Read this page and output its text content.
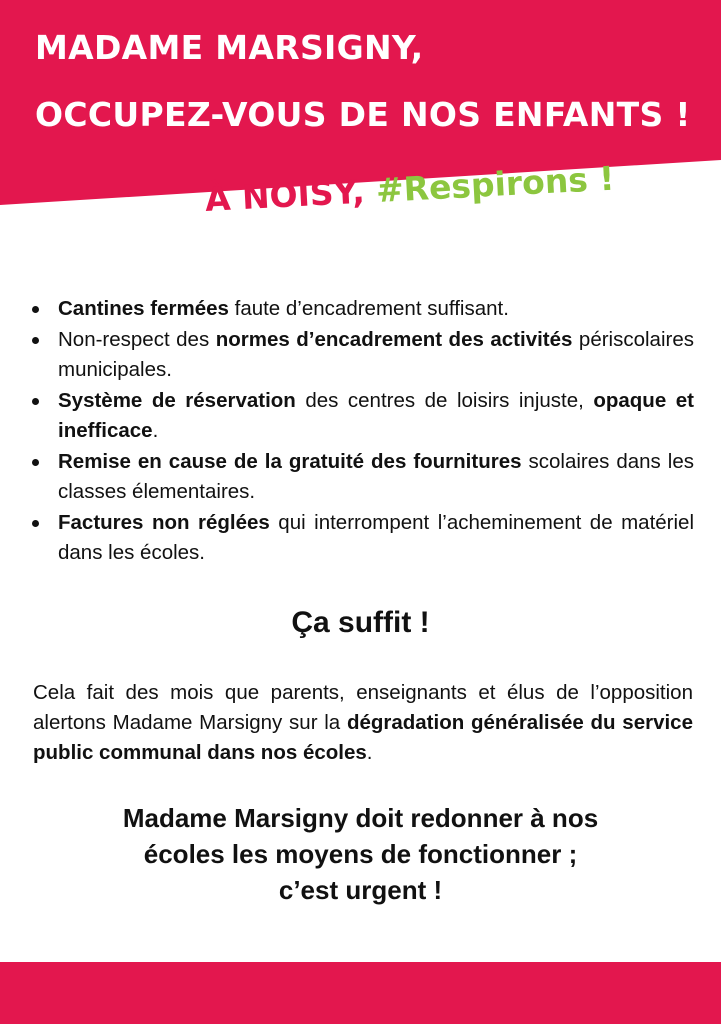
MADAME MARSIGNY,
OCCUPEZ-VOUS DE NOS ENFANTS !
À NOISY, #Respirons !
Cantines fermées faute d’encadrement suffisant.
Non-respect des normes d’encadrement des activités périscolaires municipales.
Système de réservation des centres de loisirs injuste, opaque et inefficace.
Remise en cause de la gratuité des fournitures scolaires dans les classes élementaires.
Factures non réglées qui interrompent l’acheminement de matériel dans les écoles.
Ça suffit !

Cela fait des mois que parents, enseignants et élus de l’opposition alertons Madame Marsigny sur la dégradation généralisée du service public communal dans nos écoles.

Madame Marsigny doit redonner à nos
écoles les moyens de fonctionner ;
c’est urgent !
